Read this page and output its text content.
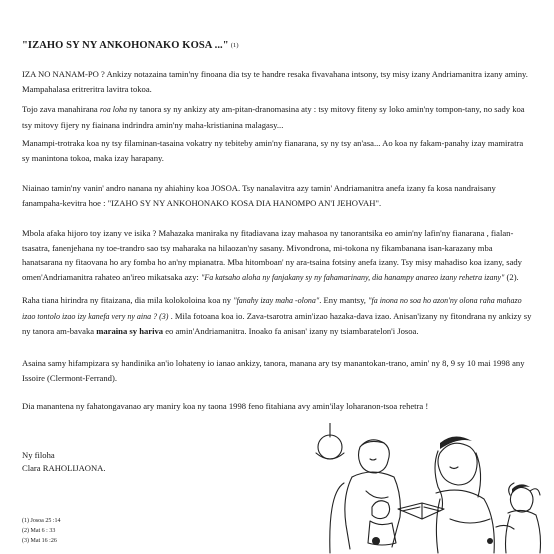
"IZAHO SY NY ANKOHONAKO KOSA ..." (1)

IZA NO NANAM-PO ? Ankizy notazaina tamin'ny finoana dia tsy te handre resaka fivavahana intsony, tsy misy izany Andriamanitra izany aminy. Mampahalasa eritreritra lavitra tokoa.

Tojo zava manahirana roa loha ny tanora sy ny ankizy aty am-pitan-dranomasina aty : tsy mitovy fiteny sy loko amin'ny tompon-tany, no sady koa tsy mitovy fijery ny fiainana indrindra amin'ny maha-kristianina malagasy...

Manampi-trotraka koa ny tsy filaminan-tasaina vokatry ny tebiteby amin'ny fianarana, sy ny tsy an'asa... Ao koa ny fakam-panahy izay mamiratra sy manintona tokoa, maka izay harapany.

Niainao tamin'ny vanin' andro nanana ny ahiahiny koa JOSOA. Tsy nanalavitra azy tamin' Andriamanitra anefa izany fa kosa nandraisany fanampaha-kevitra hoe : "IZAHO SY NY ANKOHONAKO KOSA DIA HANOMPO AN'I JEHOVAH".

Mbola afaka hijoro toy izany ve isika ? Mahazaka maniraka ny fitadiavana izay mahasoa ny tanorantsika eo amin'ny lafin'ny fianarana , fialan-tsasatra, fanenjehana ny toe-trandro sao tsy maharaka na hilaozan'ny sasany. Mivondrona, mi-tokona ny fikambanana isan-karazany mba hanatsarana ny fitaovana ho ary fomba ho an'ny mpianatra. Mba hitomboan' ny ara-tsaina fotsiny anefa izany. Tsy misy mahadiso koa izany, sady omen'Andriamanitra rahateo an'ireo mikatsaka azy: "Fa katsaho aloha ny fanjakany sy ny fahamarinany, dia hanampy anareo izany rehetra izany" (2).

Raha tiana hirindra ny fitaizana, dia mila kolokoloina koa ny "fanahy izay maha -olona". Eny mantsy, "fa inona no soa ho azon'ny olona raha mahazo izao tontolo izao izy kanefa very ny aina ? (3) . Mila fotoana koa io. Zava-tsarotra amin'izao hazaka-dava izao. Anisan'izany ny fitondrana ny ankizy sy ny tanora am-bavaka maraina sy hariva eo amin'Andriamanitra. Inoako fa anisan' izany ny tsiambaratelon'i Josoa.

Asaina samy hifampizara sy handinika an'io lohateny io ianao ankizy, tanora, manana ary tsy manantokan-trano, amin' ny 8, 9 sy 10 mai 1998 any Issoire (Clermont-Ferrand).

Dia manantena ny fahatongavanao ary maniry koa ny taona 1998 feno fitahiana avy amin'ilay loharanon-tsoa rehetra !

Ny filoha
Clara RAHOLIJAONA.
(1) Josoa 25 :14
(2) Mat 6 : 33
(3) Mat 16 :26
